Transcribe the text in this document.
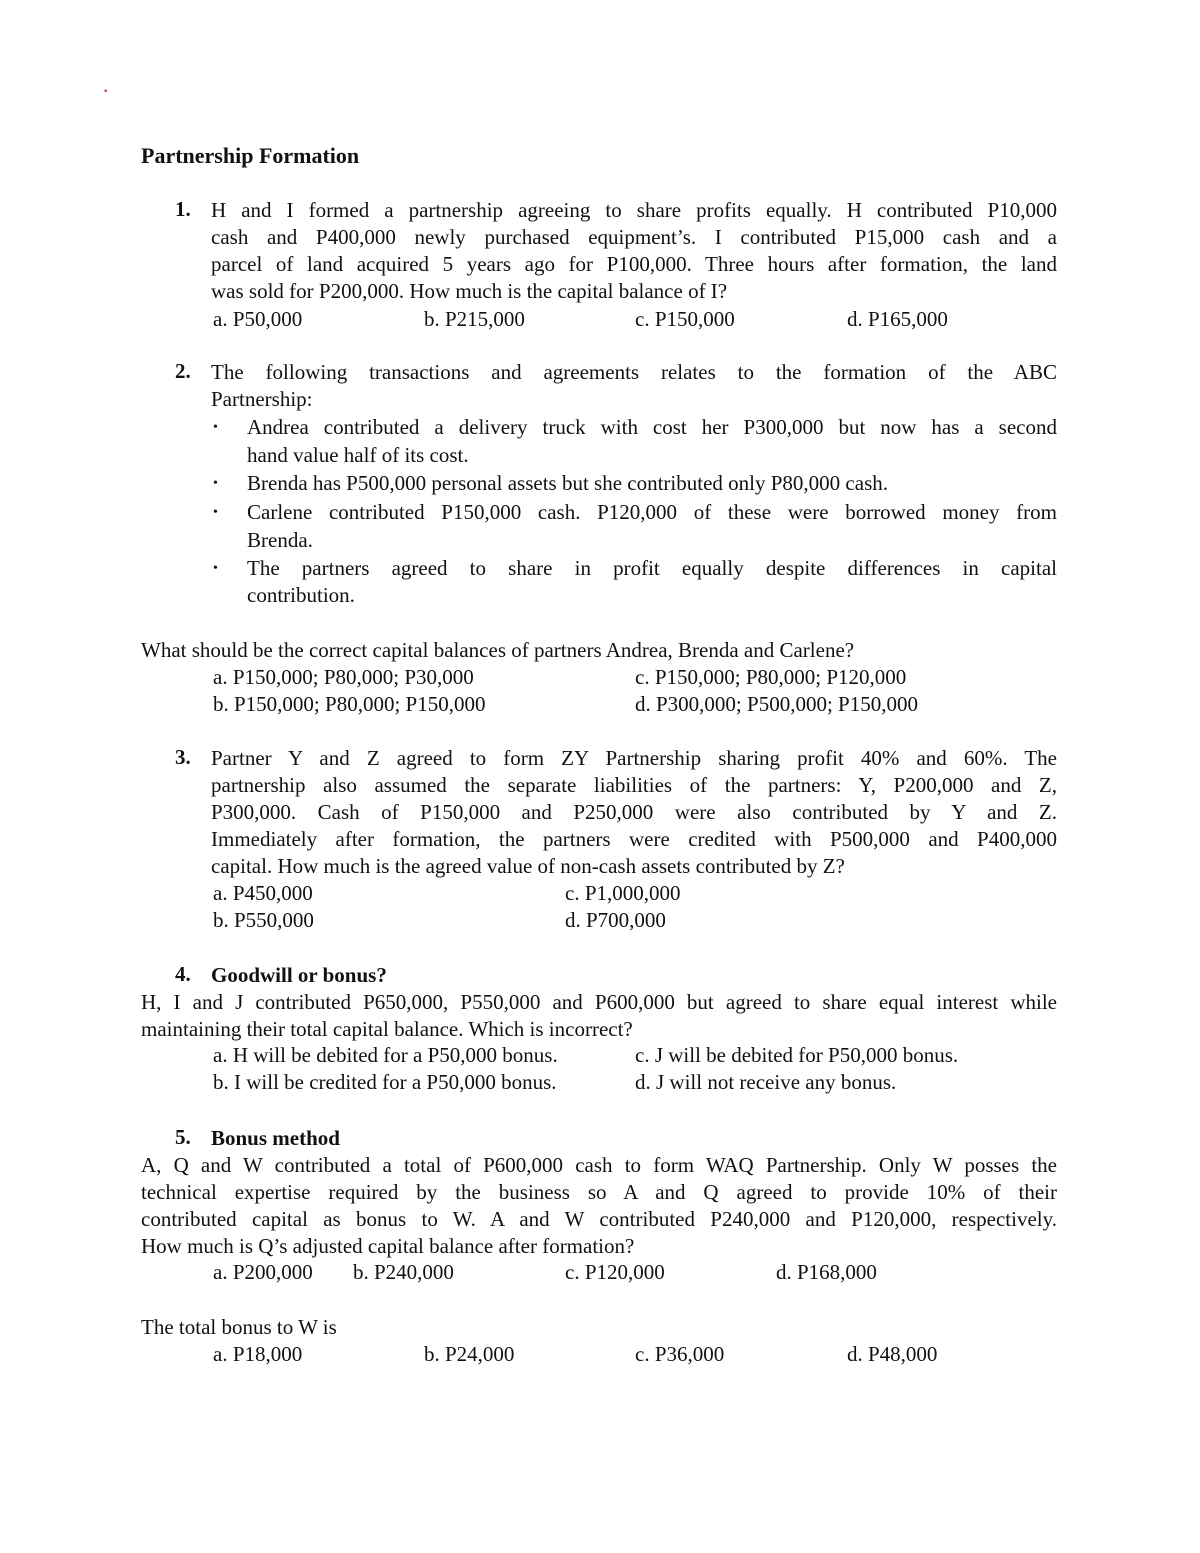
.
Partnership Formation
1. H and I formed a partnership agreeing to share profits equally. H contributed P10,000
cash and P400,000 newly purchased equipment’s. I contributed P15,000 cash and a
parcel of land acquired 5 years ago for P100,000. Three hours after formation, the land
was sold for P200,000. How much is the capital balance of I?
a. P50,000	b. P215,000	c. P150,000	d. P165,000
2. The following transactions and agreements relates to the formation of the ABC
Partnership:
• Andrea contributed a delivery truck with cost her P300,000 but now has a second
hand value half of its cost.
• Brenda has P500,000 personal assets but she contributed only P80,000 cash.
• Carlene contributed P150,000 cash. P120,000 of these were borrowed money from
Brenda.
• The partners agreed to share in profit equally despite differences in capital
contribution.
What should be the correct capital balances of partners Andrea, Brenda and Carlene?
a. P150,000; P80,000; P30,000	c. P150,000; P80,000; P120,000
b. P150,000; P80,000; P150,000	d. P300,000; P500,000; P150,000
3. Partner Y and Z agreed to form ZY Partnership sharing profit 40% and 60%. The
partnership also assumed the separate liabilities of the partners: Y, P200,000 and Z,
P300,000. Cash of P150,000 and P250,000 were also contributed by Y and Z.
Immediately after formation, the partners were credited with P500,000 and P400,000
capital. How much is the agreed value of non-cash assets contributed by Z?
a. P450,000	c. P1,000,000
b. P550,000	d. P700,000
4. Goodwill or bonus?
H, I and J contributed P650,000, P550,000 and P600,000 but agreed to share equal interest while
maintaining their total capital balance. Which is incorrect?
a. H will be debited for a P50,000 bonus.	c. J will be debited for P50,000 bonus.
b. I will be credited for a P50,000 bonus.	d. J will not receive any bonus.
5. Bonus method
A, Q and W contributed a total of P600,000 cash to form WAQ Partnership. Only W posses the
technical expertise required by the business so A and Q agreed to provide 10% of their
contributed capital as bonus to W. A and W contributed P240,000 and P120,000, respectively.
How much is Q’s adjusted capital balance after formation?
a. P200,000 b. P240,000	c. P120,000	d. P168,000
The total bonus to W is
a. P18,000	b. P24,000	c. P36,000	d. P48,000
